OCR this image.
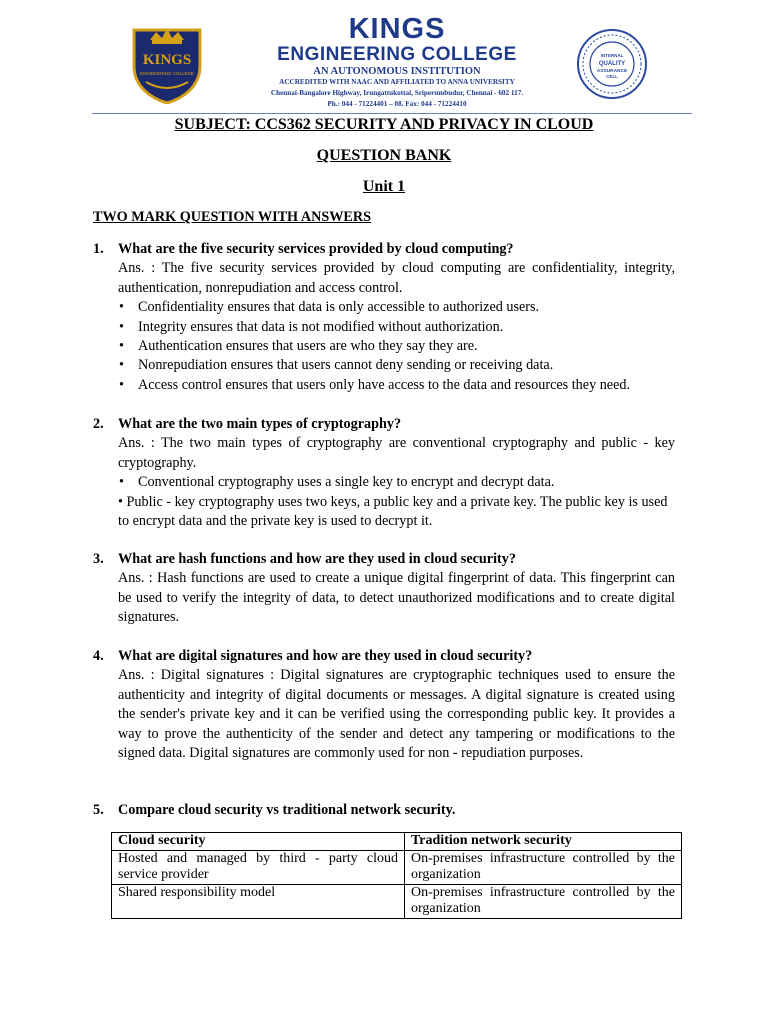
KINGS
ENGINEERING COLLEGE
KINGS
ENGINEERING COLLEGE
AN AUTONOMOUS INSTITUTION
ACCREDITED WITH NAAC AND AFFILIATED TO ANNA UNIVERSITY
Chennai-Bangalore Highway, Irungattukottai, Sriperumbudur, Chennai - 602 117.
Ph.: 044 - 71224401 – 08. Fax: 044 - 71224410
INTERNAL
QUALITY
ASSURANCE
CELL

SUBJECT: CCS362 SECURITY AND PRIVACY IN CLOUD

QUESTION BANK

Unit 1

TWO MARK QUESTION WITH ANSWERS

1.	What are the five security services provided by cloud computing?
Ans. : The five security services provided by cloud computing are confidentiality, integrity, authentication, nonrepudiation and access control.
• Confidentiality ensures that data is only accessible to authorized users.
• Integrity ensures that data is not modified without authorization.
• Authentication ensures that users are who they say they are.
• Nonrepudiation ensures that users cannot deny sending or receiving data.
• Access control ensures that users only have access to the data and resources they need.
2.	What are the two main types of cryptography?
Ans. : The two main types of cryptography are conventional cryptography and public - key cryptography.
• Conventional cryptography uses a single key to encrypt and decrypt data.
• Public - key cryptography uses two keys, a public key and a private key. The public key is used to encrypt data and the private key is used to decrypt it.
3.	What are hash functions and how are they used in cloud security?
Ans. : Hash functions are used to create a unique digital fingerprint of data. This fingerprint can be used to verify the integrity of data, to detect unauthorized modifications and to create digital signatures.
4.	What are digital signatures and how are they used in cloud security?
Ans. : Digital signatures : Digital signatures are cryptographic techniques used to ensure the authenticity and integrity of digital documents or messages. A digital signature is created using the sender's private key and it can be verified using the corresponding public key. It provides a way to prove the authenticity of the sender and detect any tampering or modifications to the signed data. Digital signatures are commonly used for non - repudiation purposes.
5.	Compare cloud security vs traditional network security.
Cloud security	Tradition network security
Hosted and managed by third - party cloud service provider	On-premises infrastructure controlled by the organization
Shared responsibility model	On-premises infrastructure controlled by the organization
